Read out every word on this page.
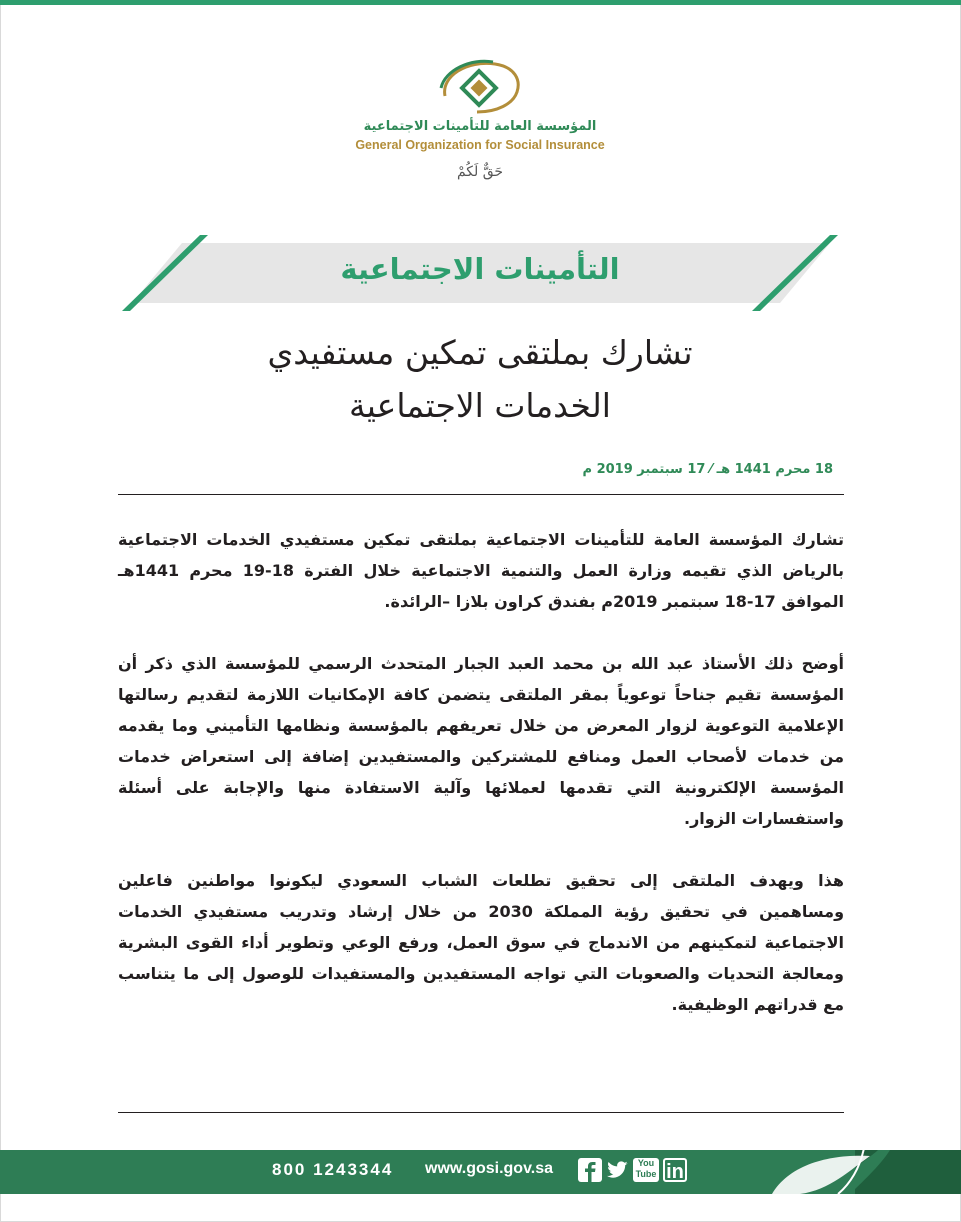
المؤسسة العامة للتأمينات الاجتماعية
General Organization for Social Insurance
حَقٌّ لَكُمْ
التأمينات الاجتماعية
تشارك بملتقى تمكين مستفيدي
الخدمات الاجتماعية
18 محرم 1441 هـ ⁄ 17 سبتمبر 2019 م

تشارك المؤسسة العامة للتأمينات الاجتماعية بملتقى تمكين مستفيدي الخدمات الاجتماعية بالرياض الذي تقيمه وزارة العمل والتنمية الاجتماعية خلال الفترة 18-19 محرم 1441هـ الموافق 17-18 سبتمبر 2019م بفندق كراون بلازا –الرائدة.

أوضح ذلك الأستاذ عبد الله بن محمد العبد الجبار المتحدث الرسمي للمؤسسة الذي ذكر أن المؤسسة تقيم جناحاً توعوياً بمقر الملتقى يتضمن كافة الإمكانيات اللازمة لتقديم رسالتها الإعلامية التوعوية لزوار المعرض من خلال تعريفهم بالمؤسسة ونظامها التأميني وما يقدمه من خدمات لأصحاب العمل ومنافع للمشتركين والمستفيدين إضافة إلى استعراض خدمات المؤسسة الإلكترونية التي تقدمها لعملائها وآلية الاستفادة منها والإجابة على أسئلة واستفسارات الزوار.

هذا ويهدف الملتقى إلى تحقيق تطلعات الشباب السعودي ليكونوا مواطنين فاعلين ومساهمين في تحقيق رؤية المملكة 2030 من خلال إرشاد وتدريب مستفيدي الخدمات الاجتماعية لتمكينهم من الاندماج في سوق العمل، ورفع الوعي وتطوير أداء القوى البشرية ومعالجة التحديات والصعوبات التي تواجه المستفيدين والمستفيدات للوصول إلى ما يتناسب مع قدراتهم الوظيفية.

800 1243344 www.gosi.gov.sa	You
Tube in
